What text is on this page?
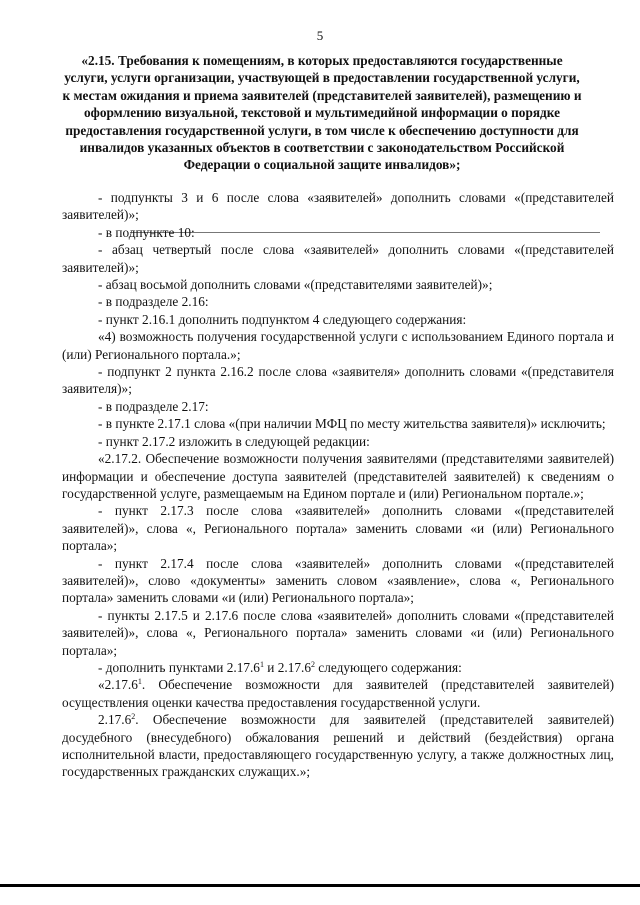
5
«2.15. Требования к помещениям, в которых предоставляются государственные услуги, услуги организации, участвующей в предоставлении государственной услуги, к местам ожидания и приема заявителей (представителей заявителей), размещению и оформлению визуальной, текстовой и мультимедийной информации о порядке предоставления государственной услуги, в том числе к обеспечению доступности для инвалидов указанных объектов в соответствии с законодательством Российской Федерации о социальной защите инвалидов»;

- подпункты 3 и 6 после слова «заявителей» дополнить словами «(представителей заявителей)»;

- в подпункте 10:

- абзац четвертый после слова «заявителей» дополнить словами «(представителей заявителей)»;

- абзац восьмой дополнить словами «(представителями заявителей)»;

- в подразделе 2.16:

- пункт 2.16.1 дополнить подпунктом 4 следующего содержания:

«4) возможность получения государственной услуги с использованием Единого портала и (или) Регионального портала.»;

- подпункт 2 пункта 2.16.2 после слова «заявителя» дополнить словами «(представителя заявителя)»;

- в подразделе 2.17:

- в пункте 2.17.1 слова «(при наличии МФЦ по месту жительства заявителя)» исключить;

- пункт 2.17.2 изложить в следующей редакции:

«2.17.2. Обеспечение возможности получения заявителями (представителями заявителей) информации и обеспечение доступа заявителей (представителей заявителей) к сведениям о государственной услуге, размещаемым на Едином портале и (или) Региональном портале.»;

- пункт 2.17.3 после слова «заявителей» дополнить словами «(представителей заявителей)», слова «, Регионального портала» заменить словами «и (или) Регионального портала»;

- пункт 2.17.4 после слова «заявителей» дополнить словами «(представителей заявителей)», слово «документы» заменить словом «заявление», слова «, Регионального портала» заменить словами «и (или) Регионального портала»;

- пункты 2.17.5 и 2.17.6 после слова «заявителей» дополнить словами «(представителей заявителей)», слова «, Регионального портала» заменить словами «и (или) Регионального портала»;

- дополнить пунктами 2.17.6$^1$ и 2.17.6$^2$ следующего содержания:

«2.17.6$^1$. Обеспечение возможности для заявителей (представителей заявителей) осуществления оценки качества предоставления государственной услуги.

2.17.6$^2$. Обеспечение возможности для заявителей (представителей заявителей) досудебного (внесудебного) обжалования решений и действий (бездействия) органа исполнительной власти, предоставляющего государственную услугу, а также должностных лиц, государственных гражданских служащих.»;
